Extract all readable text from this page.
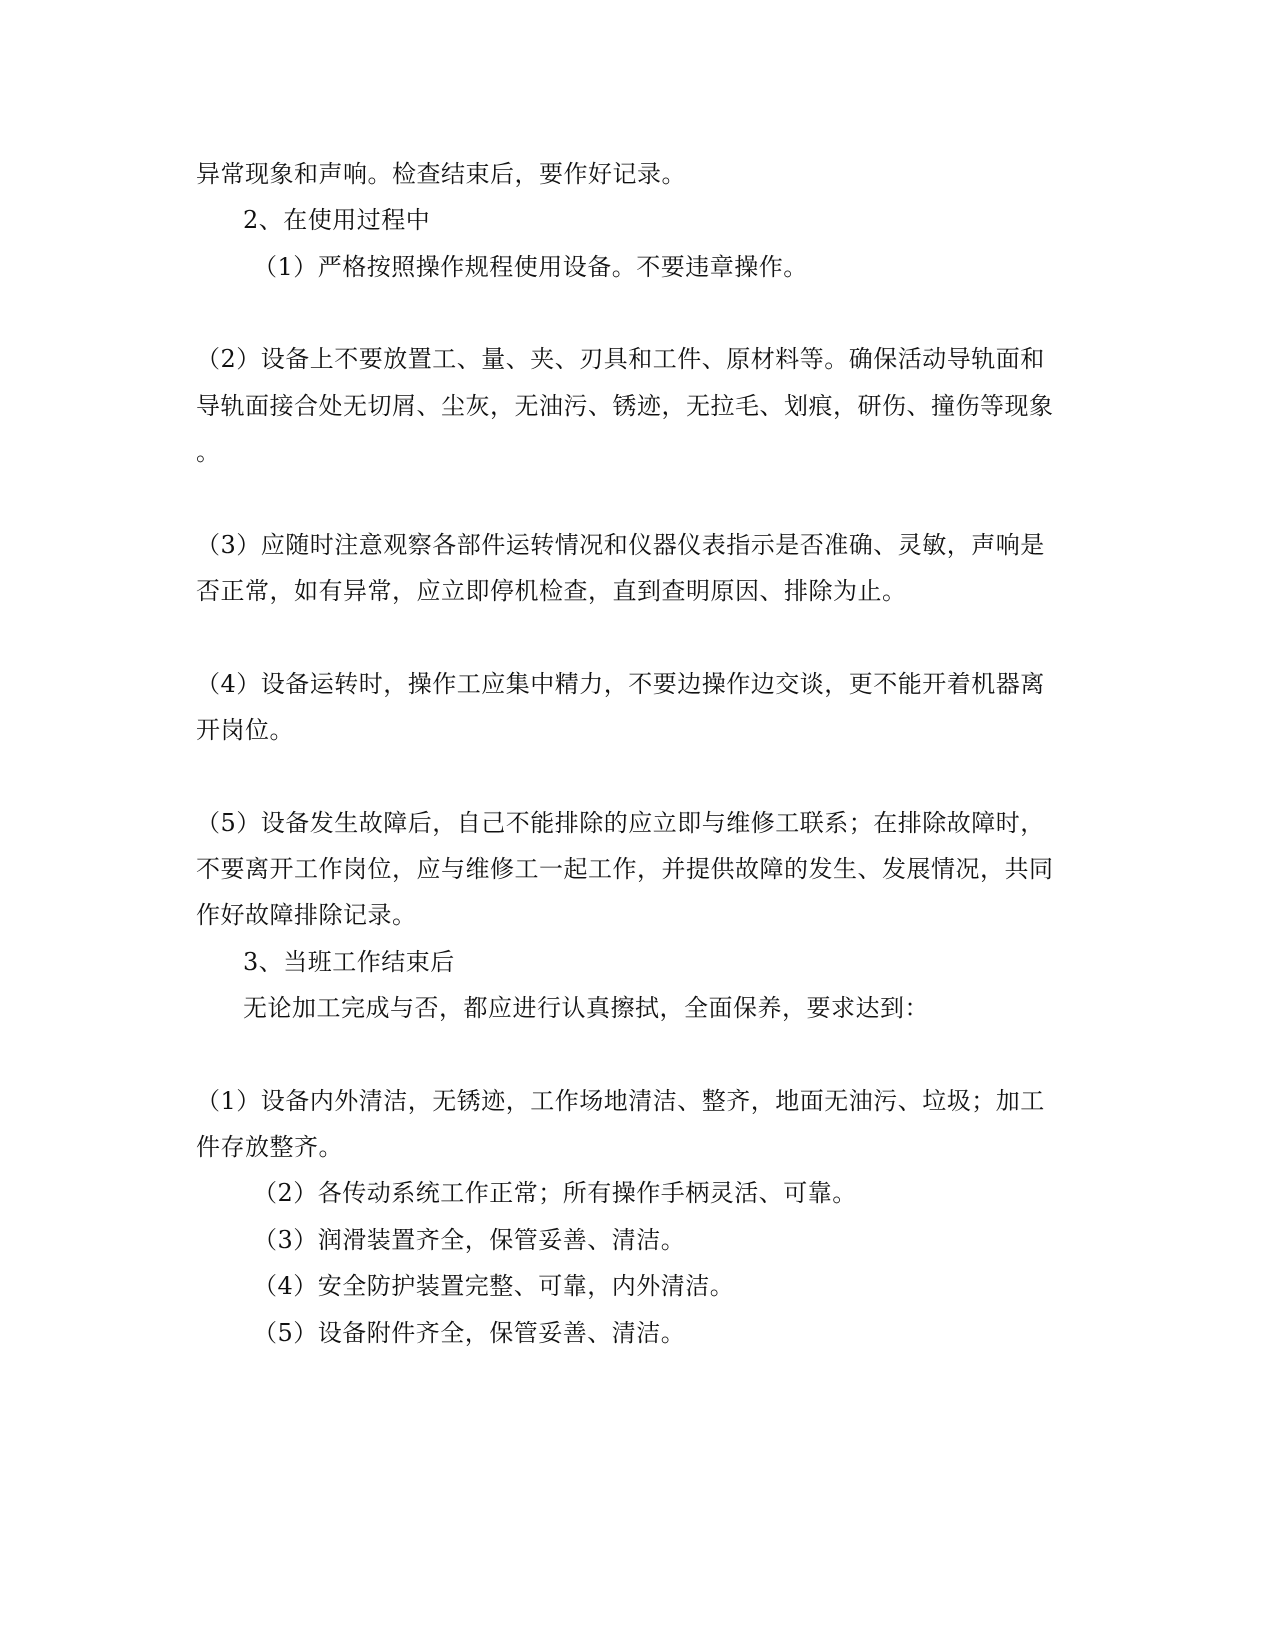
异常现象和声响。检查结束后，要作好记录。
2、在使用过程中
（1）严格按照操作规程使用设备。不要违章操作。
（2）设备上不要放置工、量、夹、刃具和工件、原材料等。确保活动导轨面和
导轨面接合处无切屑、尘灰，无油污、锈迹，无拉毛、划痕，研伤、撞伤等现象
。
（3）应随时注意观察各部件运转情况和仪器仪表指示是否准确、灵敏，声响是
否正常，如有异常，应立即停机检查，直到查明原因、排除为止。
（4）设备运转时，操作工应集中精力，不要边操作边交谈，更不能开着机器离
开岗位。
（5）设备发生故障后，自己不能排除的应立即与维修工联系；在排除故障时，
不要离开工作岗位，应与维修工一起工作，并提供故障的发生、发展情况，共同
作好故障排除记录。
3、当班工作结束后
无论加工完成与否，都应进行认真擦拭，全面保养，要求达到：
（1）设备内外清洁，无锈迹，工作场地清洁、整齐，地面无油污、垃圾；加工
件存放整齐。
（2）各传动系统工作正常；所有操作手柄灵活、可靠。
（3）润滑装置齐全，保管妥善、清洁。
（4）安全防护装置完整、可靠，内外清洁。
（5）设备附件齐全，保管妥善、清洁。
